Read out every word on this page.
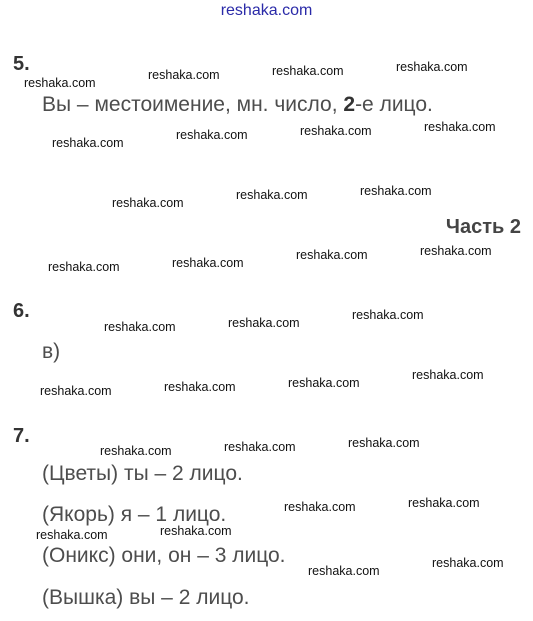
reshaka.com
5.
Вы – местоимение, мн. число, 2-е лицо.
Часть 2
6.
в)
7.
(Цветы) ты – 2 лицо.
(Якорь) я – 1 лицо.
(Оникс) они, он – 3 лицо.
(Вышка) вы – 2 лицо.
reshaka.com
reshaka.com	reshaka.com	reshaka.com
reshaka.com
reshaka.com	reshaka.com	reshaka.com
reshaka.com
reshaka.com	reshaka.com
reshaka.com	reshaka.com
reshaka.com	reshaka.com
reshaka.com	reshaka.com
reshaka.com
reshaka.com	reshaka.com	reshaka.com
reshaka.com
reshaka.com	reshaka.com	reshaka.com
reshaka.com	reshaka.com
reshaka.com
reshaka.com
reshaka.com
reshaka.com
